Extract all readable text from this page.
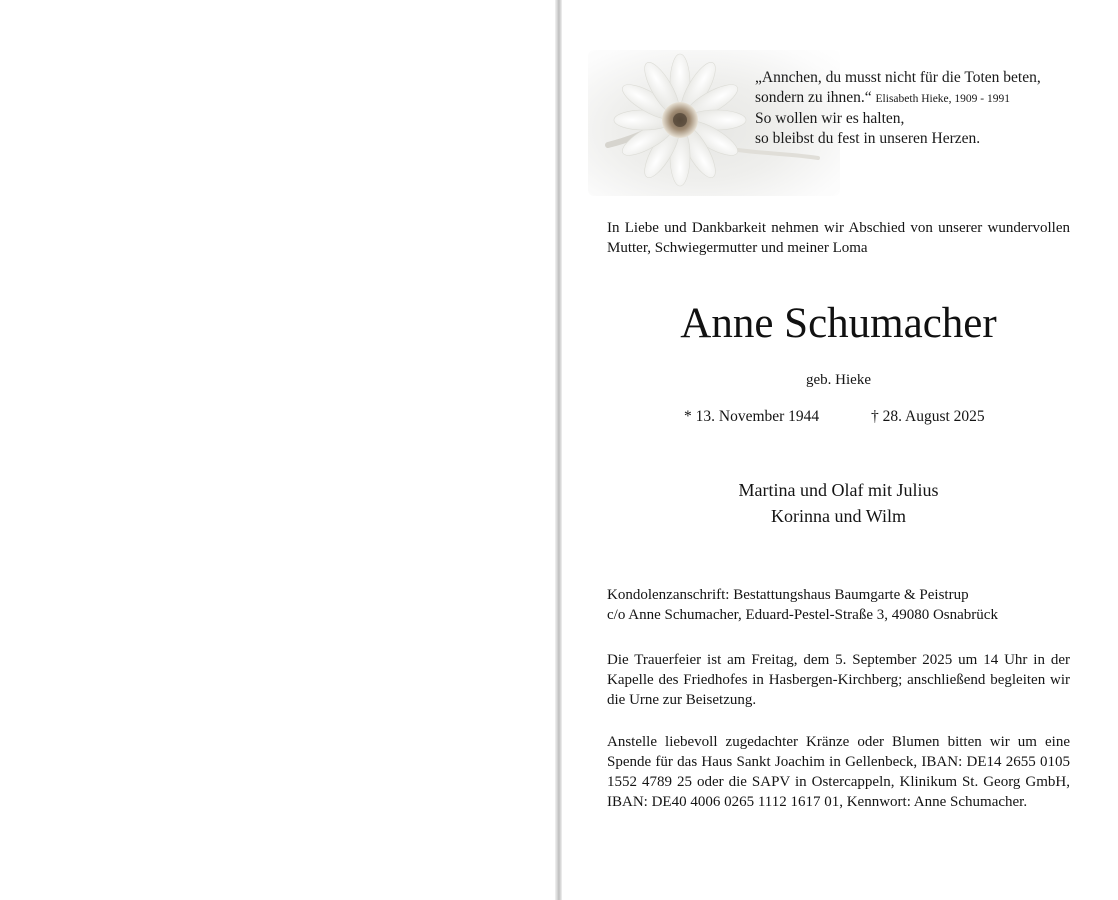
„Annchen, du musst nicht für die Toten beten,
sondern zu ihnen.“ Elisabeth Hieke, 1909 - 1991
So wollen wir es halten,
so bleibst du fest in unseren Herzen.
In Liebe und Dankbarkeit nehmen wir Abschied von unserer wundervollen Mutter, Schwiegermutter und meiner Loma
Anne Schumacher
geb. Hieke
* 13. November 1944	† 28. August 2025
Martina und Olaf mit Julius
Korinna und Wilm
Kondolenzanschrift: Bestattungshaus Baumgarte & Peistrup
c/o Anne Schumacher, Eduard-Pestel-Straße 3, 49080 Osnabrück
Die Trauerfeier ist am Freitag, dem 5. September 2025 um 14 Uhr in der Kapelle des Friedhofes in Hasbergen-Kirchberg; anschließend begleiten wir die Urne zur Beisetzung.
Anstelle liebevoll zugedachter Kränze oder Blumen bitten wir um eine Spende für das Haus Sankt Joachim in Gellenbeck, IBAN: DE14 2655 0105 1552 4789 25 oder die SAPV in Ostercappeln, Klinikum St. Georg GmbH, IBAN: DE40 4006 0265 1112 1617 01, Kennwort: Anne Schumacher.
